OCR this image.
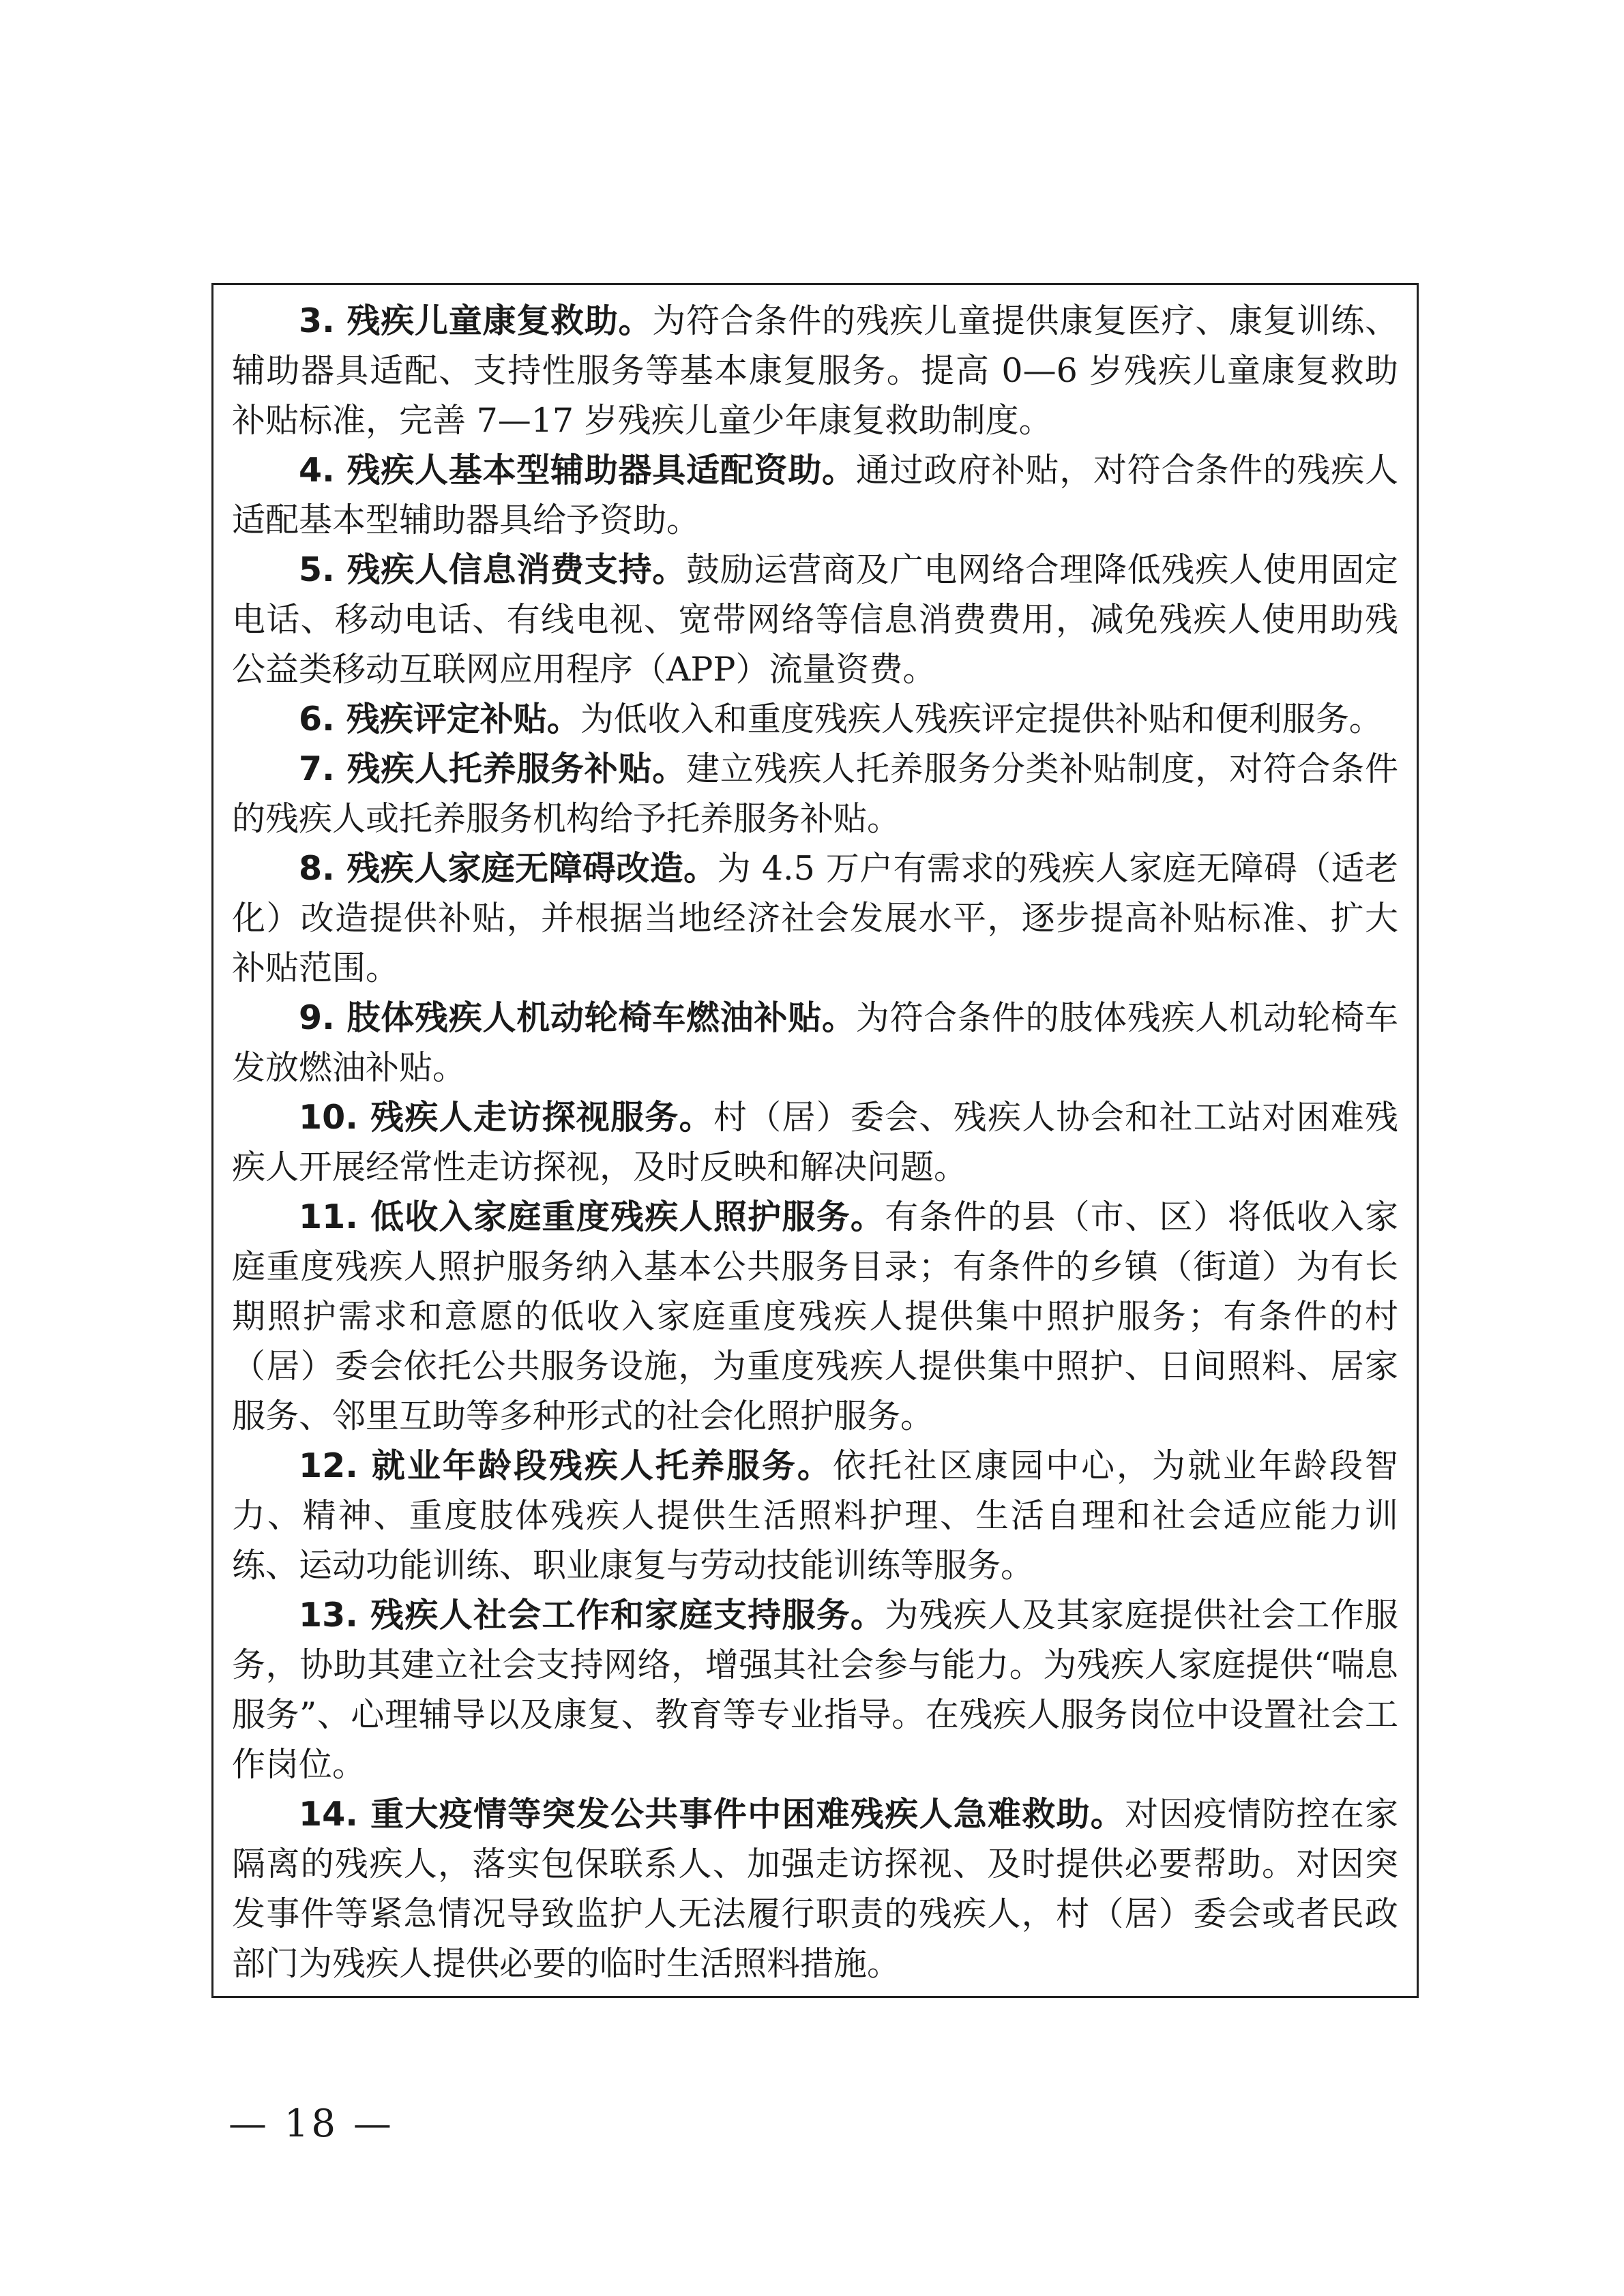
3. 残疾儿童康复救助。为符合条件的残疾儿童提供康复医疗、康复训练、辅助器具适配、支持性服务等基本康复服务。提高 0—6 岁残疾儿童康复救助补贴标准，完善 7—17 岁残疾儿童少年康复救助制度。

4. 残疾人基本型辅助器具适配资助。通过政府补贴，对符合条件的残疾人适配基本型辅助器具给予资助。

5. 残疾人信息消费支持。鼓励运营商及广电网络合理降低残疾人使用固定电话、移动电话、有线电视、宽带网络等信息消费费用，减免残疾人使用助残公益类移动互联网应用程序（APP）流量资费。

6. 残疾评定补贴。为低收入和重度残疾人残疾评定提供补贴和便利服务。

7. 残疾人托养服务补贴。建立残疾人托养服务分类补贴制度，对符合条件的残疾人或托养服务机构给予托养服务补贴。

8. 残疾人家庭无障碍改造。为 4.5 万户有需求的残疾人家庭无障碍（适老化）改造提供补贴，并根据当地经济社会发展水平，逐步提高补贴标准、扩大补贴范围。

9. 肢体残疾人机动轮椅车燃油补贴。为符合条件的肢体残疾人机动轮椅车发放燃油补贴。

10. 残疾人走访探视服务。村（居）委会、残疾人协会和社工站对困难残疾人开展经常性走访探视，及时反映和解决问题。

11. 低收入家庭重度残疾人照护服务。有条件的县（市、区）将低收入家庭重度残疾人照护服务纳入基本公共服务目录；有条件的乡镇（街道）为有长期照护需求和意愿的低收入家庭重度残疾人提供集中照护服务；有条件的村（居）委会依托公共服务设施，为重度残疾人提供集中照护、日间照料、居家服务、邻里互助等多种形式的社会化照护服务。

12. 就业年龄段残疾人托养服务。依托社区康园中心，为就业年龄段智力、精神、重度肢体残疾人提供生活照料护理、生活自理和社会适应能力训练、运动功能训练、职业康复与劳动技能训练等服务。

13. 残疾人社会工作和家庭支持服务。为残疾人及其家庭提供社会工作服务，协助其建立社会支持网络，增强其社会参与能力。为残疾人家庭提供“喘息服务”、心理辅导以及康复、教育等专业指导。在残疾人服务岗位中设置社会工作岗位。

14. 重大疫情等突发公共事件中困难残疾人急难救助。对因疫情防控在家隔离的残疾人，落实包保联系人、加强走访探视、及时提供必要帮助。对因突发事件等紧急情况导致监护人无法履行职责的残疾人，村（居）委会或者民政部门为残疾人提供必要的临时生活照料措施。

— 18 —
